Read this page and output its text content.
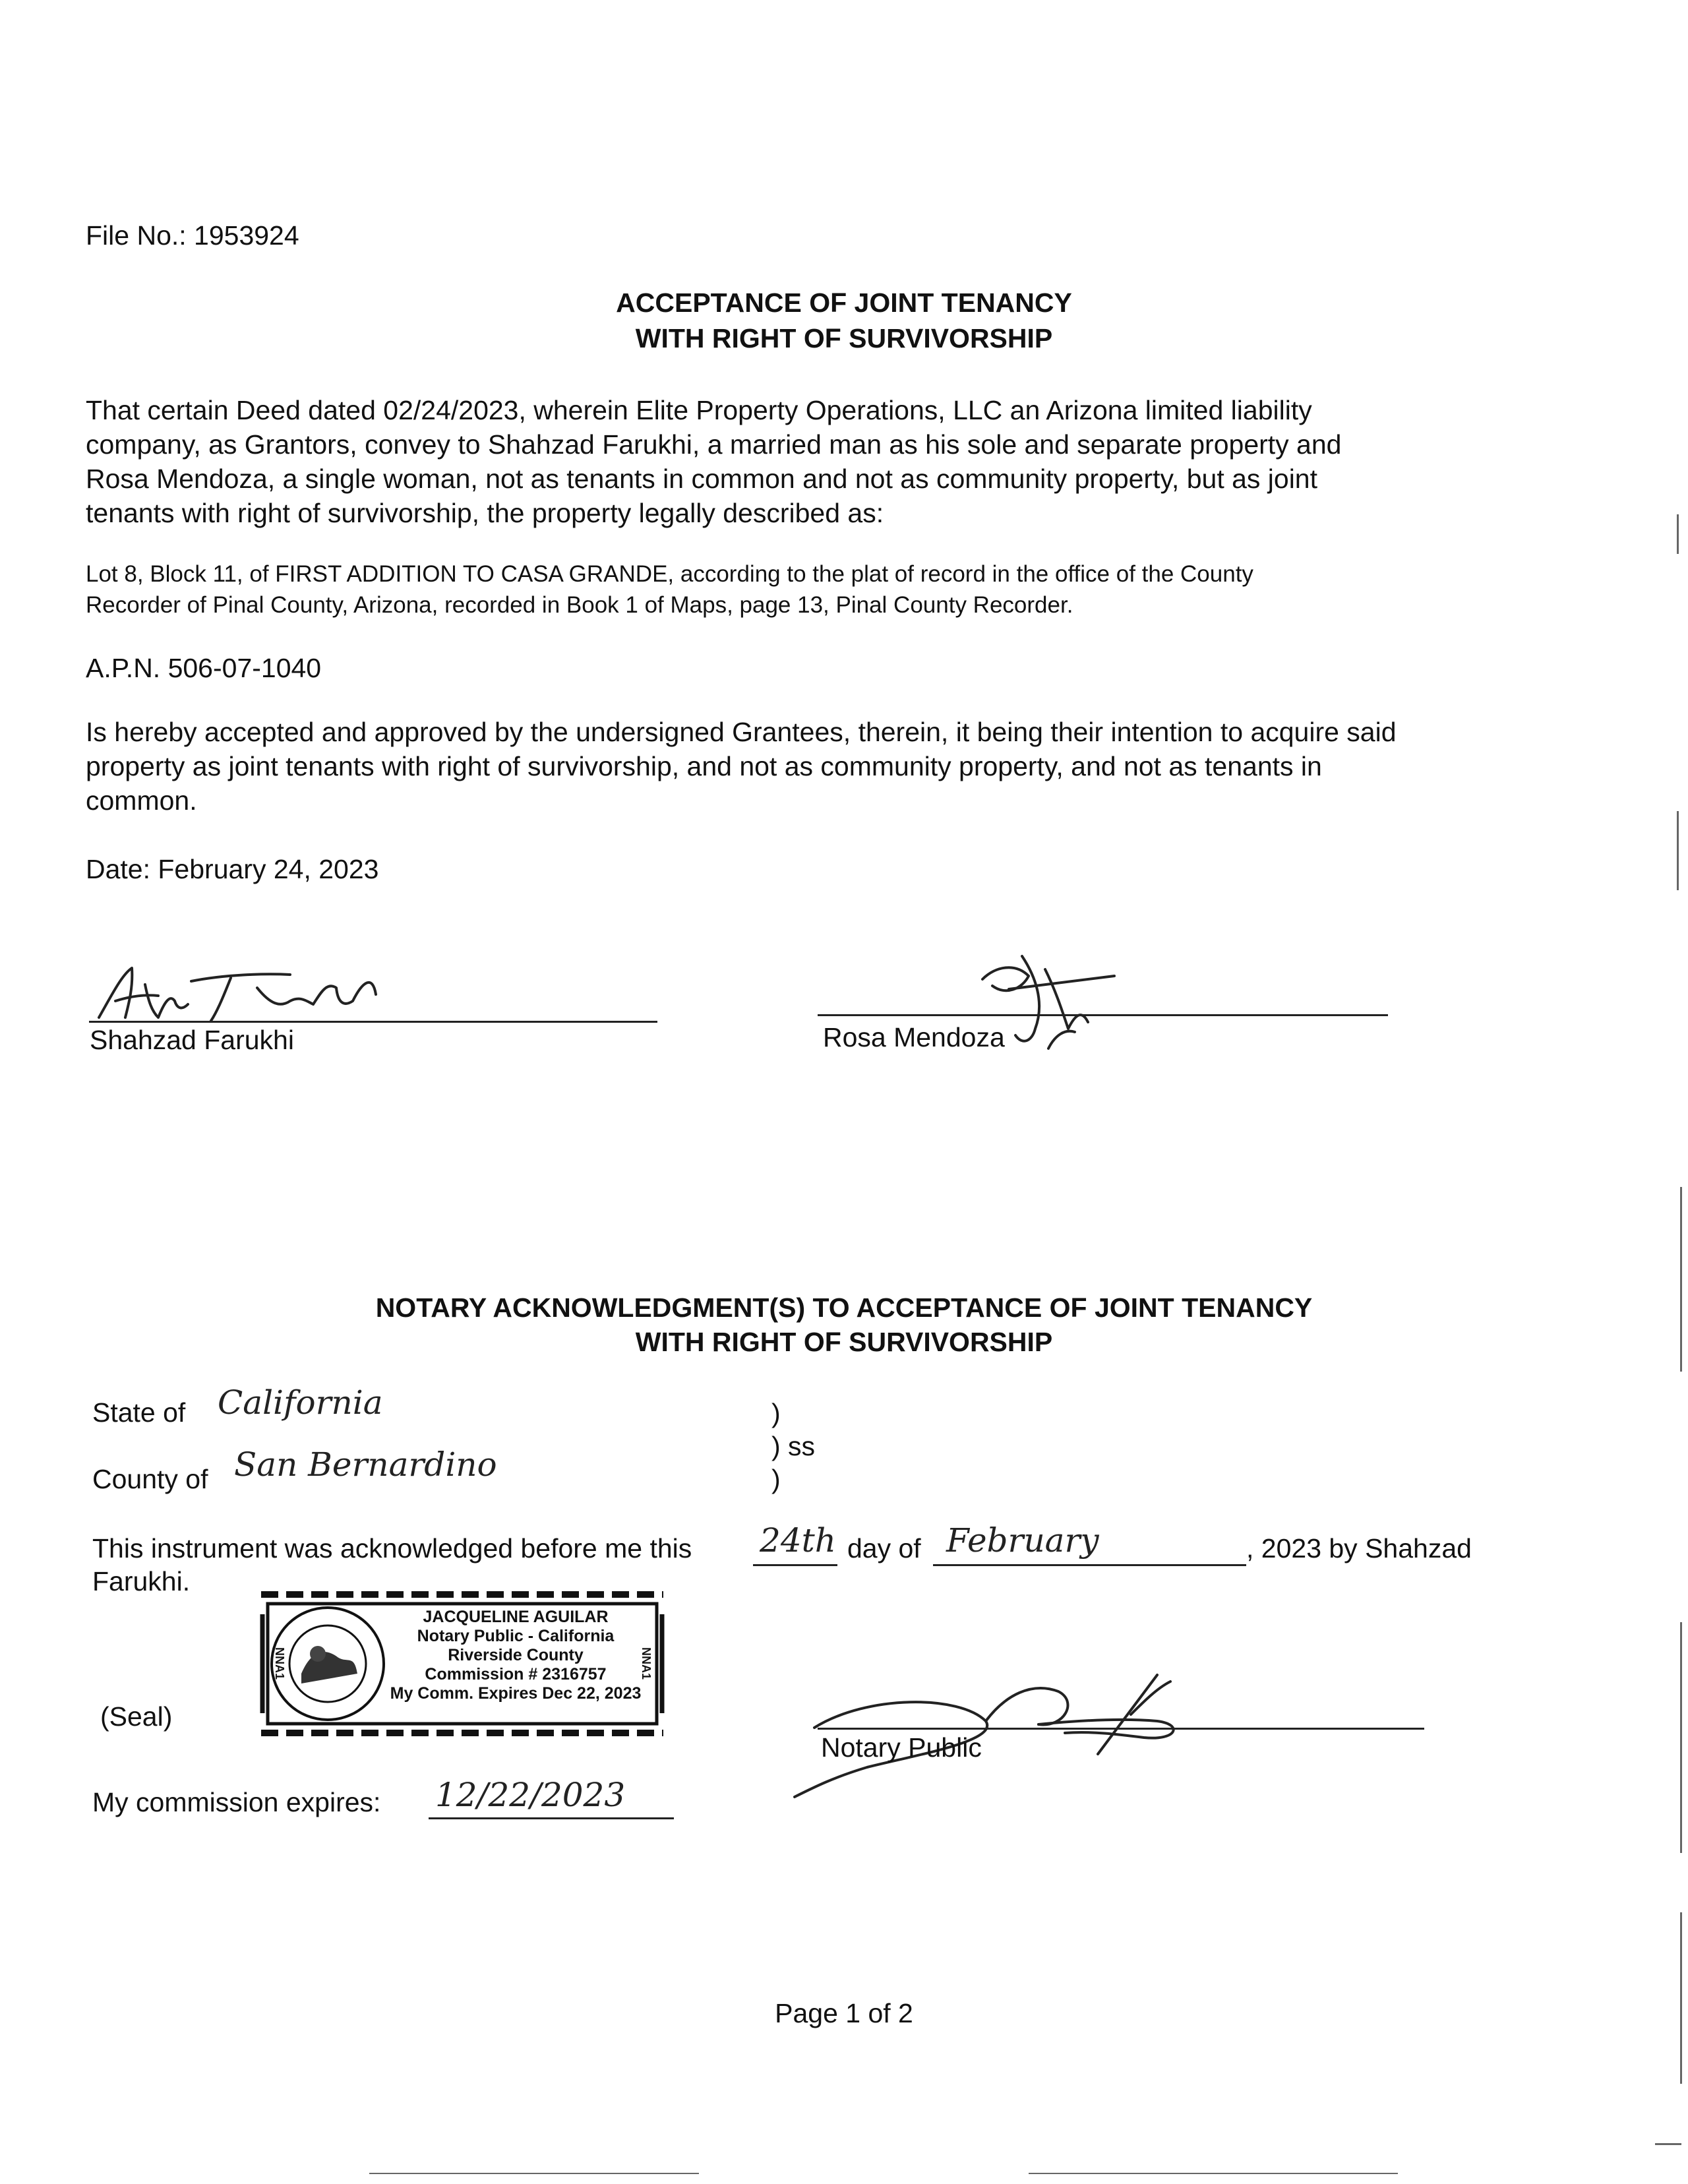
File No.: 1953924
ACCEPTANCE OF JOINT TENANCY
WITH RIGHT OF SURVIVORSHIP
That certain Deed dated 02/24/2023, wherein Elite Property Operations, LLC an Arizona limited liability
company, as Grantors, convey to Shahzad Farukhi, a married man as his sole and separate property and
Rosa Mendoza, a single woman, not as tenants in common and not as community property, but as joint
tenants with right of survivorship, the property legally described as:
Lot 8, Block 11, of FIRST ADDITION TO CASA GRANDE, according to the plat of record in the office of the County
Recorder of Pinal County, Arizona, recorded in Book 1 of Maps, page 13, Pinal County Recorder.
A.P.N. 506-07-1040
Is hereby accepted and approved by the undersigned Grantees, therein, it being their intention to acquire said
property as joint tenants with right of survivorship, and not as community property, and not as tenants in
common.
Date: February 24, 2023
Shahzad Farukhi	Rosa Mendoza
NOTARY ACKNOWLEDGMENT(S) TO ACCEPTANCE OF JOINT TENANCY
WITH RIGHT OF SURVIVORSHIP
State of California
County of San Bernardino
)
) ss
)
This instrument was acknowledged before me this 24th day of February	, 2023 by Shahzad
Farukhi.
NNA1	NNA1
JACQUELINE AGUILAR
Notary Public - California
Riverside County
Commission # 2316757
My Comm. Expires Dec 22, 2023
(Seal)
Notary Public
My commission expires: 12/22/2023
Page 1 of 2
